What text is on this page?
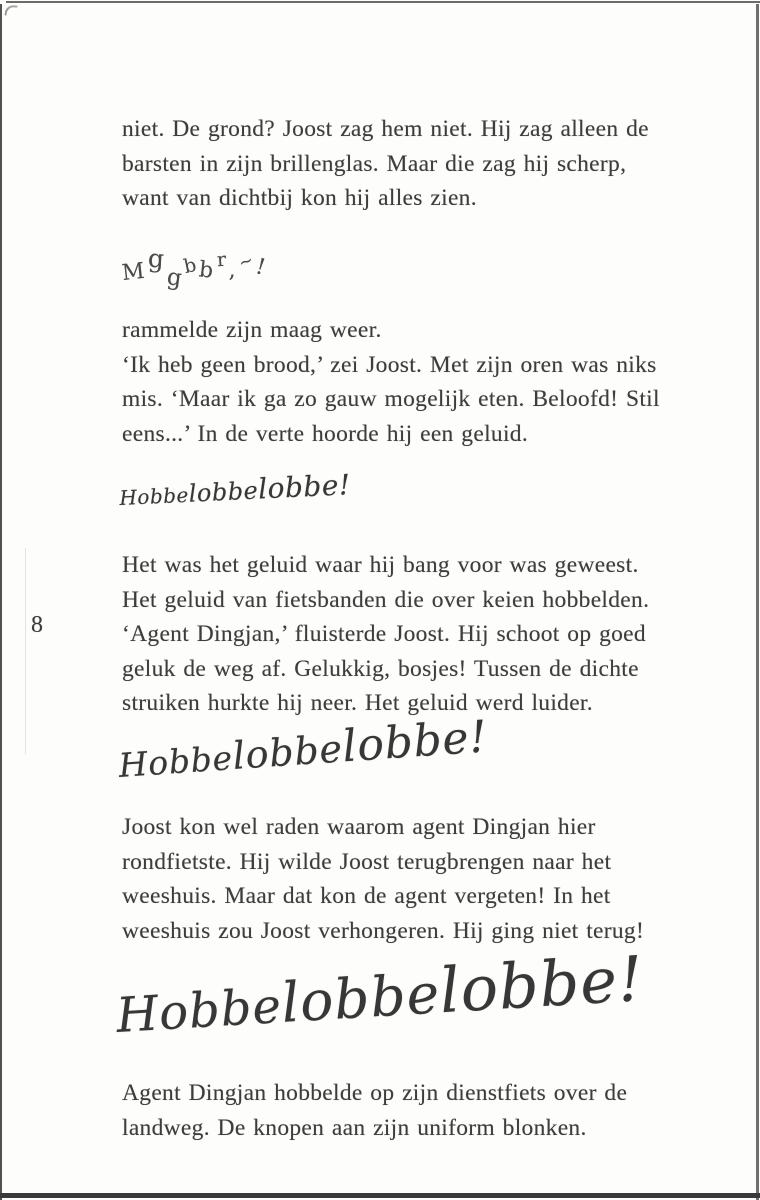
niet. De grond? Joost zag hem niet. Hij zag alleen de
barsten in zijn brillenglas. Maar die zag hij scherp,
want van dichtbij kon hij alles zien.
Mggbbr ,~!
rammelde zijn maag weer.
‘Ik heb geen brood,’ zei Joost. Met zijn oren was niks
mis. ‘Maar ik ga zo gauw mogelijk eten. Beloofd! Stil
eens...’ In de verte hoorde hij een geluid.
Hobbelobbelobbe!
Het was het geluid waar hij bang voor was geweest.
Het geluid van fietsbanden die over keien hobbelden.
‘Agent Dingjan,’ fluisterde Joost. Hij schoot op goed
geluk de weg af. Gelukkig, bosjes! Tussen de dichte
struiken hurkte hij neer. Het geluid werd luider.
8
Hobbelobbelobbe!
Joost kon wel raden waarom agent Dingjan hier
rondfietste. Hij wilde Joost terugbrengen naar het
weeshuis. Maar dat kon de agent vergeten! In het
weeshuis zou Joost verhongeren. Hij ging niet terug!
Hobbelobbelobbe!
Agent Dingjan hobbelde op zijn dienstfiets over de
landweg. De knopen aan zijn uniform blonken.
